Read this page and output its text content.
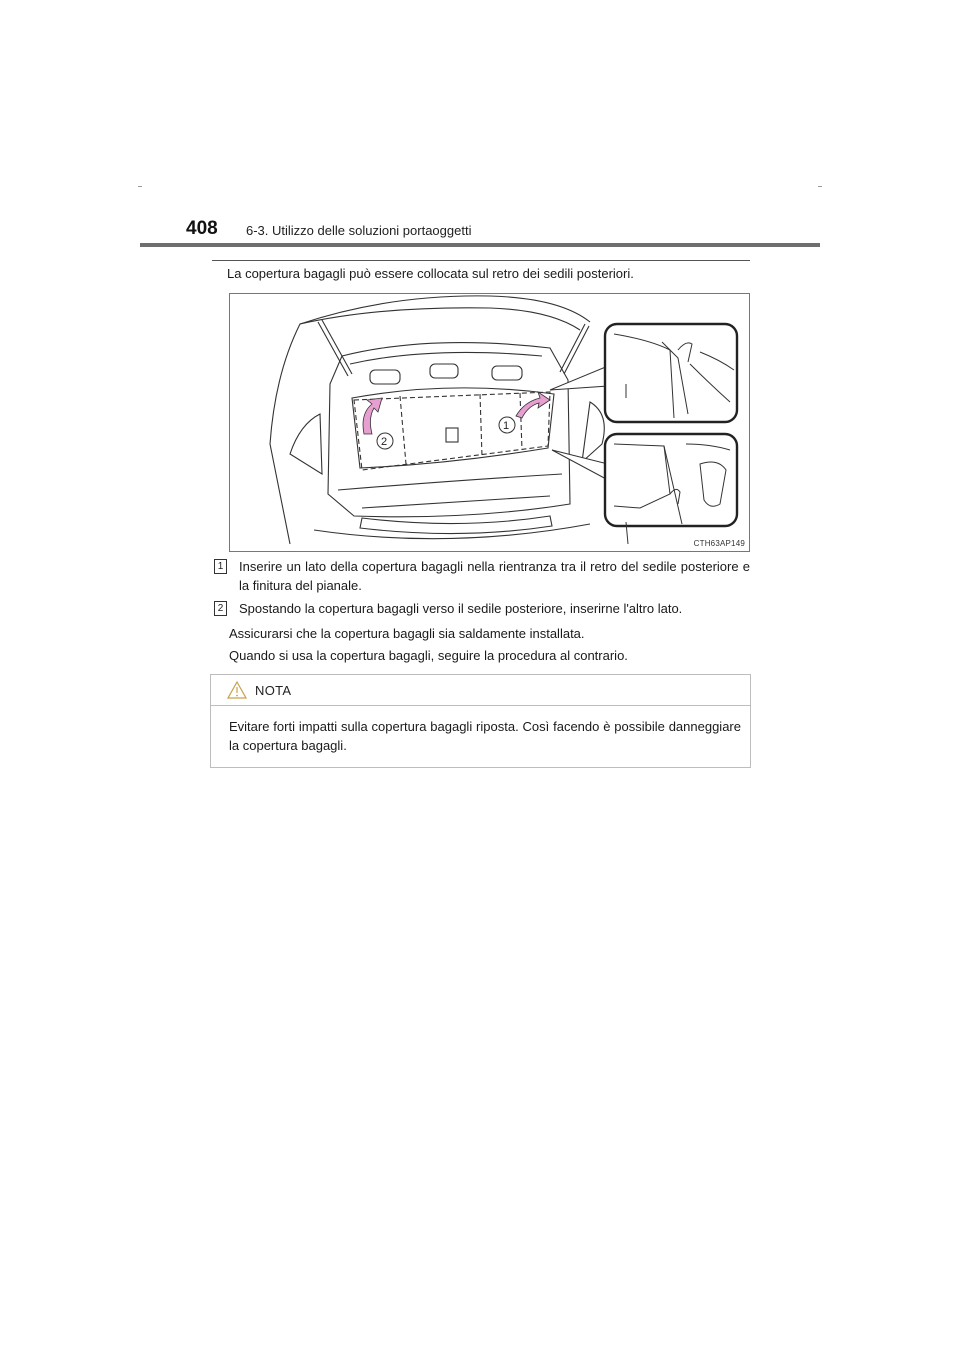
408 6-3. Utilizzo delle soluzioni portaoggetti
La copertura bagagli può essere collocata sul retro dei sedili posteriori.
2
1
CTH63AP149
1 Inserire un lato della copertura bagagli nella rientranza tra il retro del sedile posteriore e la finitura del pianale.
2 Spostando la copertura bagagli verso il sedile posteriore, inserirne l'altro lato.
Assicurarsi che la copertura bagagli sia saldamente installata.
Quando si usa la copertura bagagli, seguire la procedura al contrario.
NOTA
Evitare forti impatti sulla copertura bagagli riposta. Così facendo è possibile danneggiare la copertura bagagli.
